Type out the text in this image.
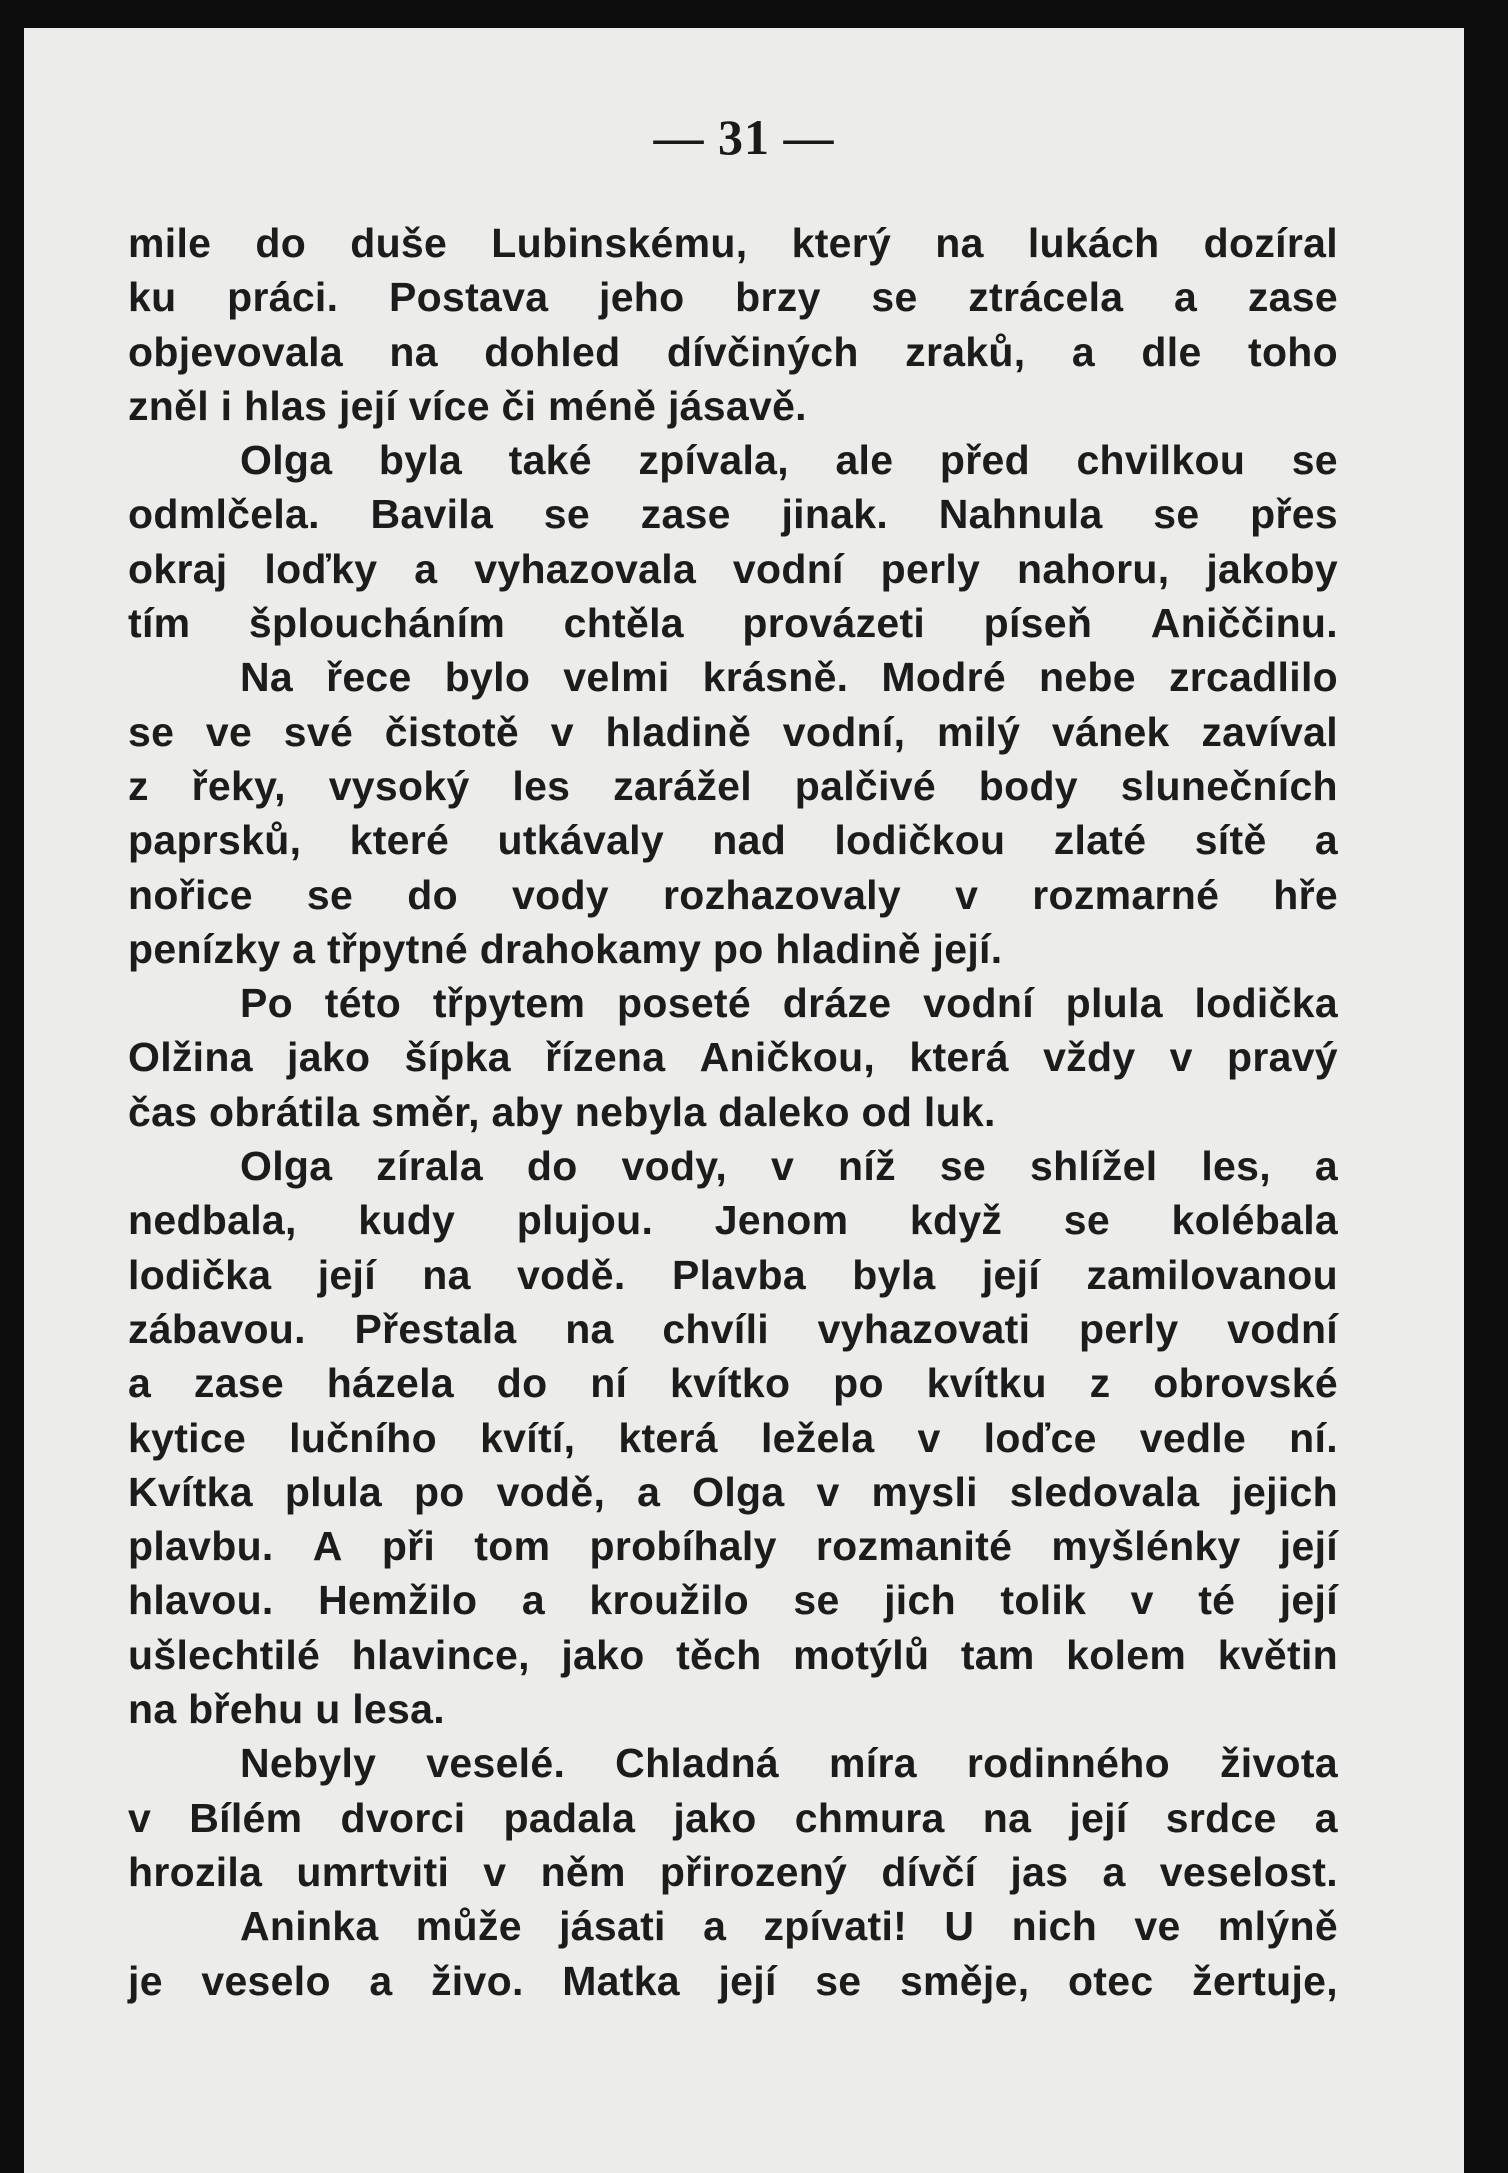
— 31 —
mile do duše Lubinskému, který na lukách dozíral
ku práci. Postava jeho brzy se ztrácela a zase
objevovala na dohled dívčiných zraků, a dle toho
zněl i hlas její více či méně jásavě.
Olga byla také zpívala, ale před chvilkou se
odmlčela. Bavila se zase jinak. Nahnula se přes
okraj loďky a vyhazovala vodní perly nahoru, jakoby
tím šploucháním chtěla provázeti píseň Aniččinu.
Na řece bylo velmi krásně. Modré nebe zrcadlilo
se ve své čistotě v hladině vodní, milý vánek zavíval
z řeky, vysoký les zarážel palčivé body slunečních
paprsků, které utkávaly nad lodičkou zlaté sítě a
nořice se do vody rozhazovaly v rozmarné hře
penízky a třpytné drahokamy po hladině její.
Po této třpytem poseté dráze vodní plula lodička
Olžina jako šípka řízena Aničkou, která vždy v pravý
čas obrátila směr, aby nebyla daleko od luk.
Olga zírala do vody, v níž se shlížel les, a
nedbala, kudy plujou. Jenom když se kolébala
lodička její na vodě. Plavba byla její zamilovanou
zábavou. Přestala na chvíli vyhazovati perly vodní
a zase házela do ní kvítko po kvítku z obrovské
kytice lučního kvítí, která ležela v loďce vedle ní.
Kvítka plula po vodě, a Olga v mysli sledovala jejich
plavbu. A při tom probíhaly rozmanité myšlénky její
hlavou. Hemžilo a kroužilo se jich tolik v té její
ušlechtilé hlavince, jako těch motýlů tam kolem květin
na břehu u lesa.
Nebyly veselé. Chladná míra rodinného života
v Bílém dvorci padala jako chmura na její srdce a
hrozila umrtviti v něm přirozený dívčí jas a veselost.
Aninka může jásati a zpívati! U nich ve mlýně
je veselo a živo. Matka její se směje, otec žertuje,
